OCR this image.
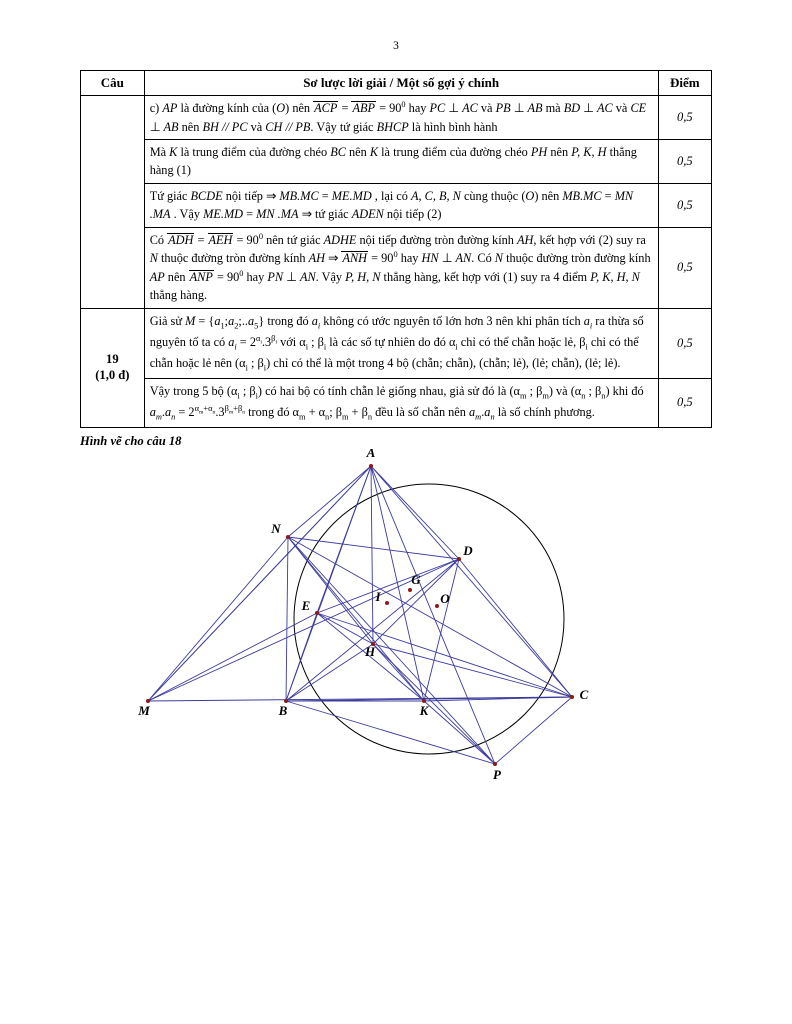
3
Câu	Sơ lược lời giải / Một số gợi ý chính	Điểm
	c) AP là đường kính của (O) nên ACP = ABP = $90^0$ hay PC ⊥ AC và PB ⊥ AB mà BD ⊥ AC và CE ⊥ AB nên BH // PC và CH // PB. Vậy tứ giác BHCP là hình bình hành	0,5
	Mà K là trung điểm của đường chéo BC nên K là trung điểm của đường chéo PH nên P, K, H thẳng hàng (1)	0,5
	Tứ giác BCDE nội tiếp ⇒ MB.MC = ME.MD , lại có A, C, B, N cùng thuộc (O) nên MB.MC = MN .MA . Vậy ME.MD = MN .MA ⇒ tứ giác ADEN nội tiếp (2)	0,5
	Có ADH = AEH = $90^0$ nên tứ giác ADHE nội tiếp đường tròn đường kính AH, kết hợp với (2) suy ra N thuộc đường tròn đường kính AH ⇒ ANH = $90^0$ hay HN ⊥ AN. Có N thuộc đường tròn đường kính AP nên ANP = $90^0$ hay PN ⊥ AN. Vậy P, H, N thẳng hàng, kết hợp với (1) suy ra 4 điểm P, K, H, N thẳng hàng.	0,5
19
(1,0 đ)	Giả sử $M = \{a_1;a_2;..a_5\}$ trong đó $a_i$ không có ước nguyên tố lớn hơn 3 nên khi phân tích $a_i$ ra thừa số nguyên tố ta có $a_i = 2^{\alpha_i}.3^{\beta_i}$ với $\alpha_i$ ; $\beta_i$ là các số tự nhiên do đó $\alpha_i$ chỉ có thể chẵn hoặc lẻ, $\beta_i$ chỉ có thể chẵn hoặc lẻ nên ($\alpha_i$ ; $\beta_i$) chỉ có thể là một trong 4 bộ (chẵn; chẵn), (chẵn; lẻ), (lẻ; chẵn), (lẻ; lẻ).	0,5
	Vậy trong 5 bộ ($\alpha_i$ ; $\beta_i$) có hai bộ có tính chẵn lẻ giống nhau, giả sử đó là ($\alpha_m$ ; $\beta_m$) và ($\alpha_n$ ; $\beta_n$) khi đó $a_m.a_n = 2^{\alpha_m+\alpha_n}.3^{\beta_m+\beta_n}$ trong đó $\alpha_m + \alpha_n$; $\beta_m + \beta_n$ đều là số chẵn nên $a_m.a_n$ là số chính phương.	0,5
Hình vẽ cho câu 18
A
N
D
G
O
I
E
H
M	B	K
C
P
